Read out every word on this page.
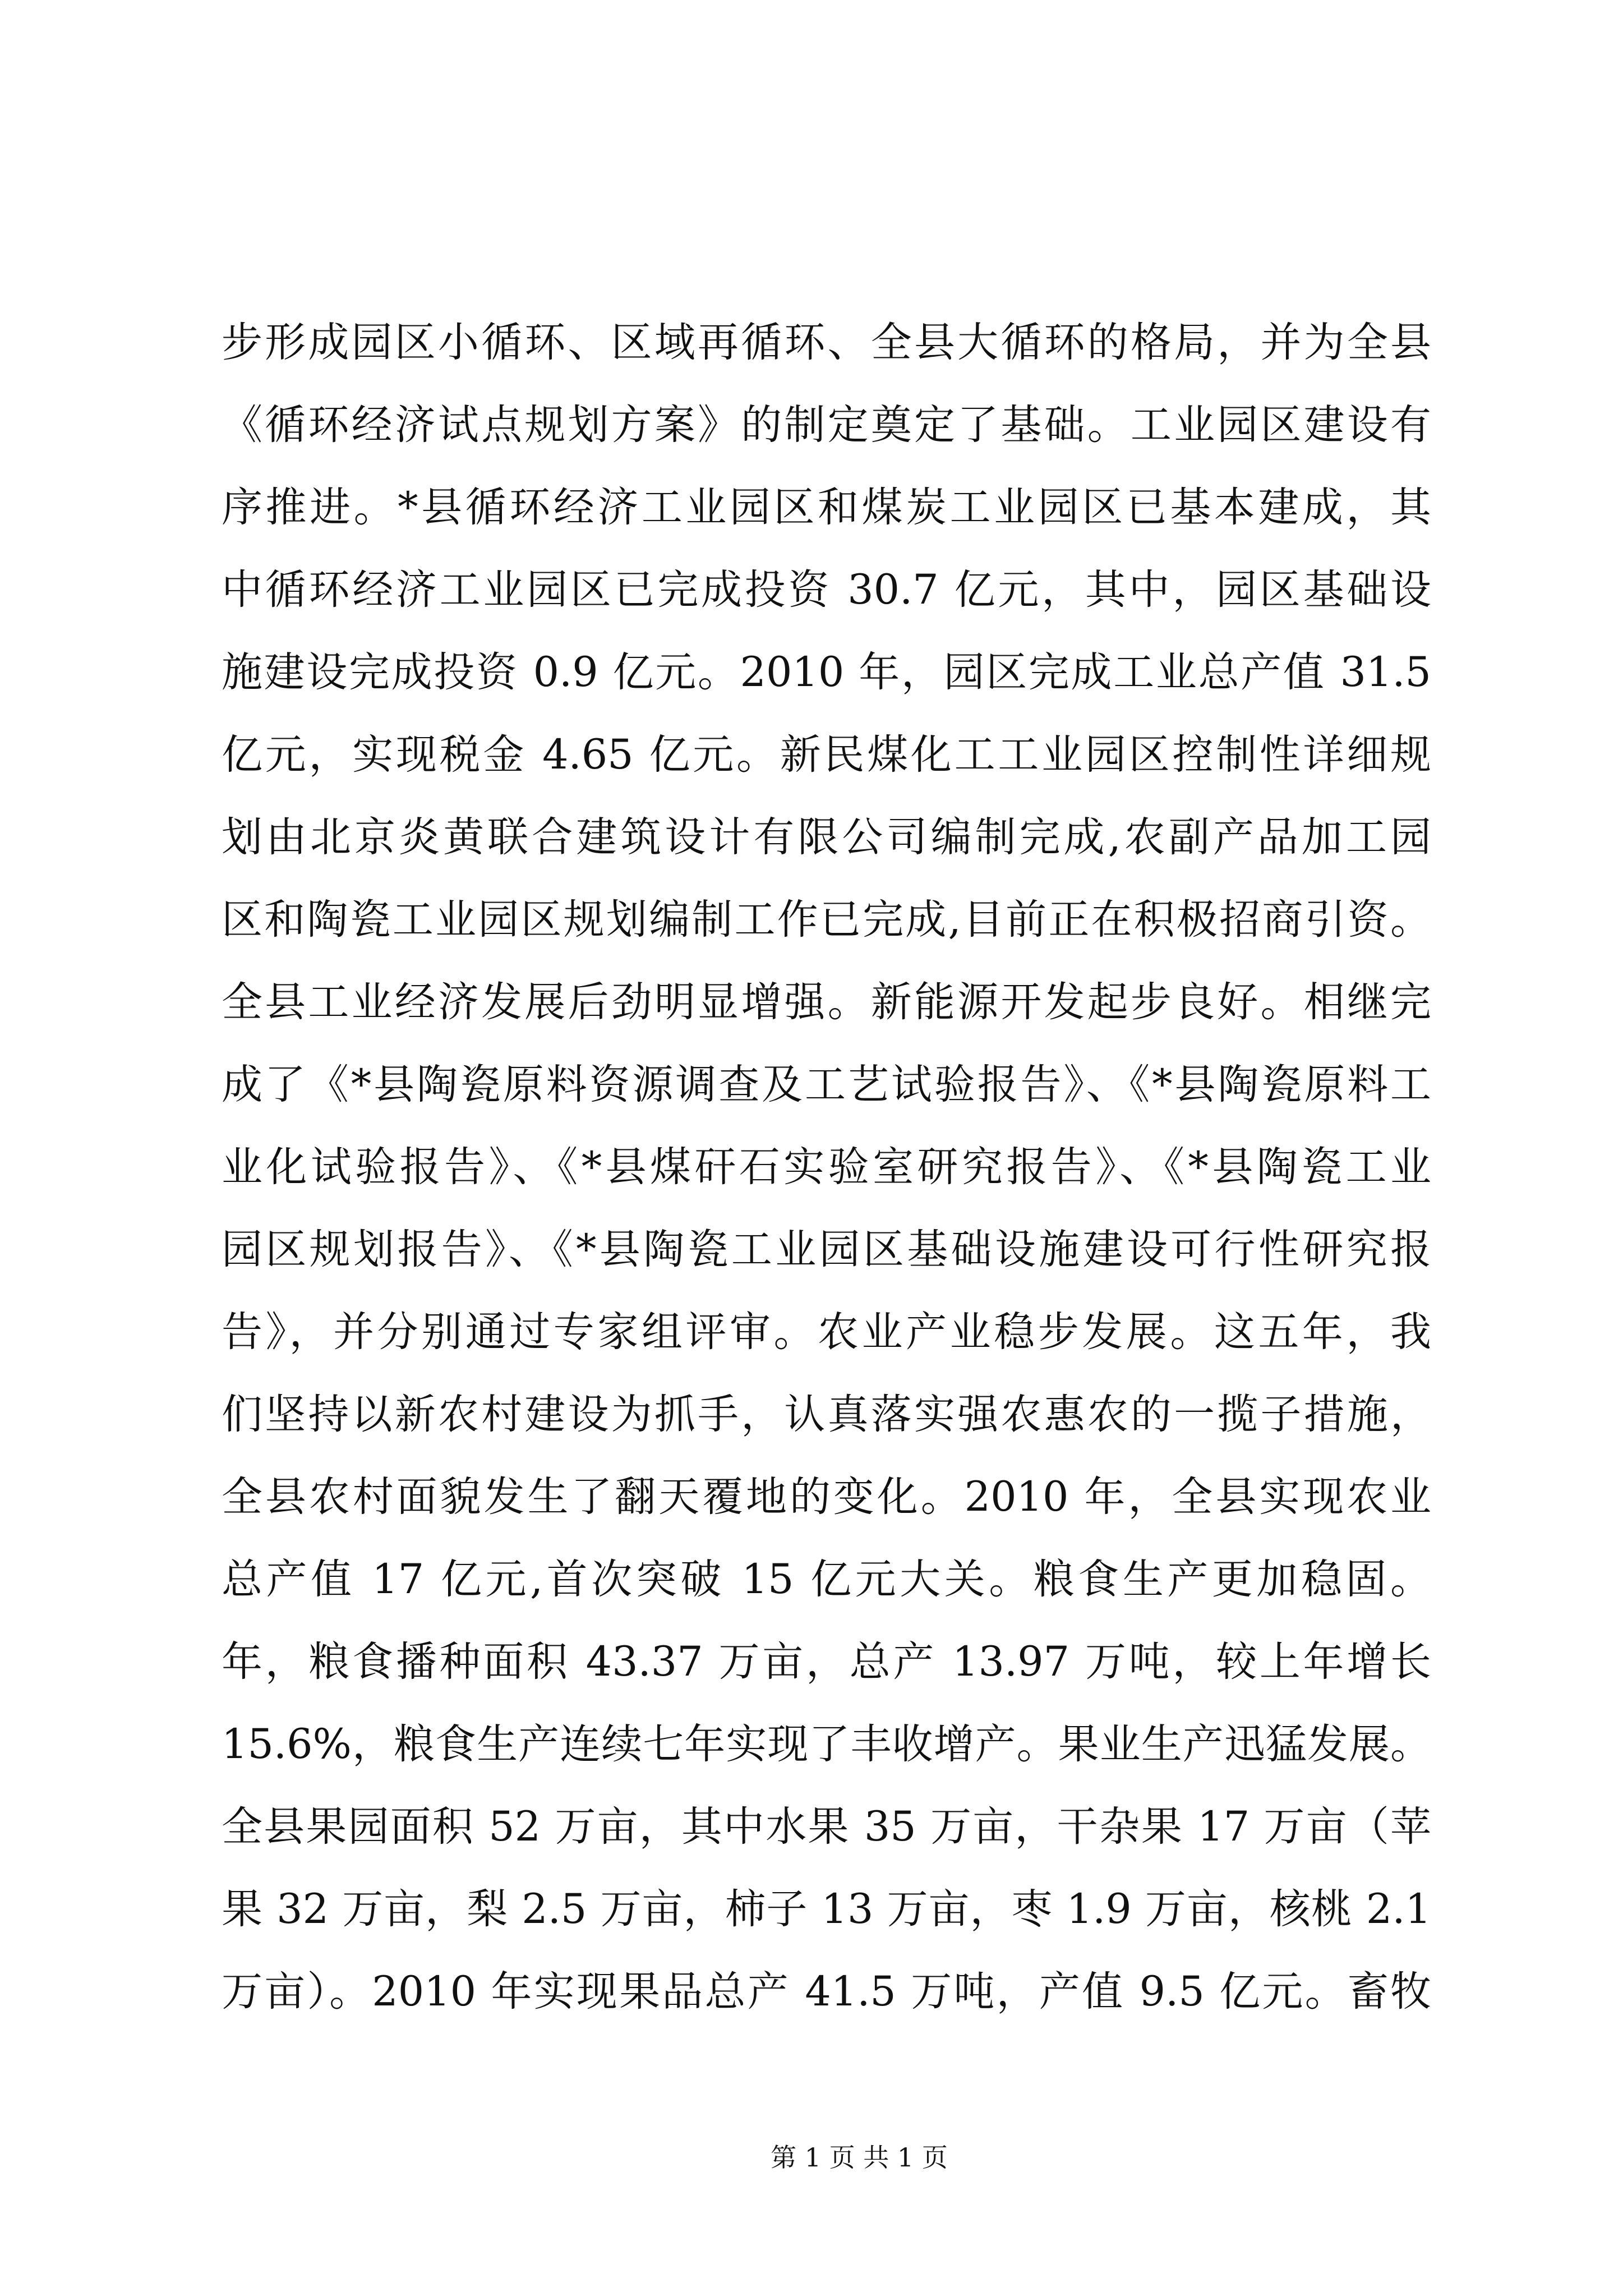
步形成园区小循环、区域再循环、全县大循环的格局，并为全县
《循环经济试点规划方案》的制定奠定了基础。工业园区建设有
序推进。*县循环经济工业园区和煤炭工业园区已基本建成，其
中循环经济工业园区已完成投资 30.7 亿元，其中，园区基础设
施建设完成投资 0.9 亿元。2010 年，园区完成工业总产值 31.5
亿元，实现税金 4.65 亿元。新民煤化工工业园区控制性详细规
划由北京炎黄联合建筑设计有限公司编制完成,农副产品加工园
区和陶瓷工业园区规划编制工作已完成,目前正在积极招商引资。
全县工业经济发展后劲明显增强。新能源开发起步良好。相继完
成了《*县陶瓷原料资源调查及工艺试验报告》、《*县陶瓷原料工
业化试验报告》、《*县煤矸石实验室研究报告》、《*县陶瓷工业
园区规划报告》、《*县陶瓷工业园区基础设施建设可行性研究报
告》，并分别通过专家组评审。农业产业稳步发展。这五年，我
们坚持以新农村建设为抓手，认真落实强农惠农的一揽子措施，
全县农村面貌发生了翻天覆地的变化。2010 年，全县实现农业
总产值 17 亿元,首次突破 15 亿元大关。粮食生产更加稳固。
年，粮食播种面积 43.37 万亩，总产 13.97 万吨，较上年增长
15.6%，粮食生产连续七年实现了丰收增产。果业生产迅猛发展。
全县果园面积 52 万亩，其中水果 35 万亩，干杂果 17 万亩（苹
果 32 万亩，梨 2.5 万亩，柿子 13 万亩，枣 1.9 万亩，核桃 2.1
万亩）。2010 年实现果品总产 41.5 万吨，产值 9.5 亿元。畜牧
第 1 页 共 1 页
